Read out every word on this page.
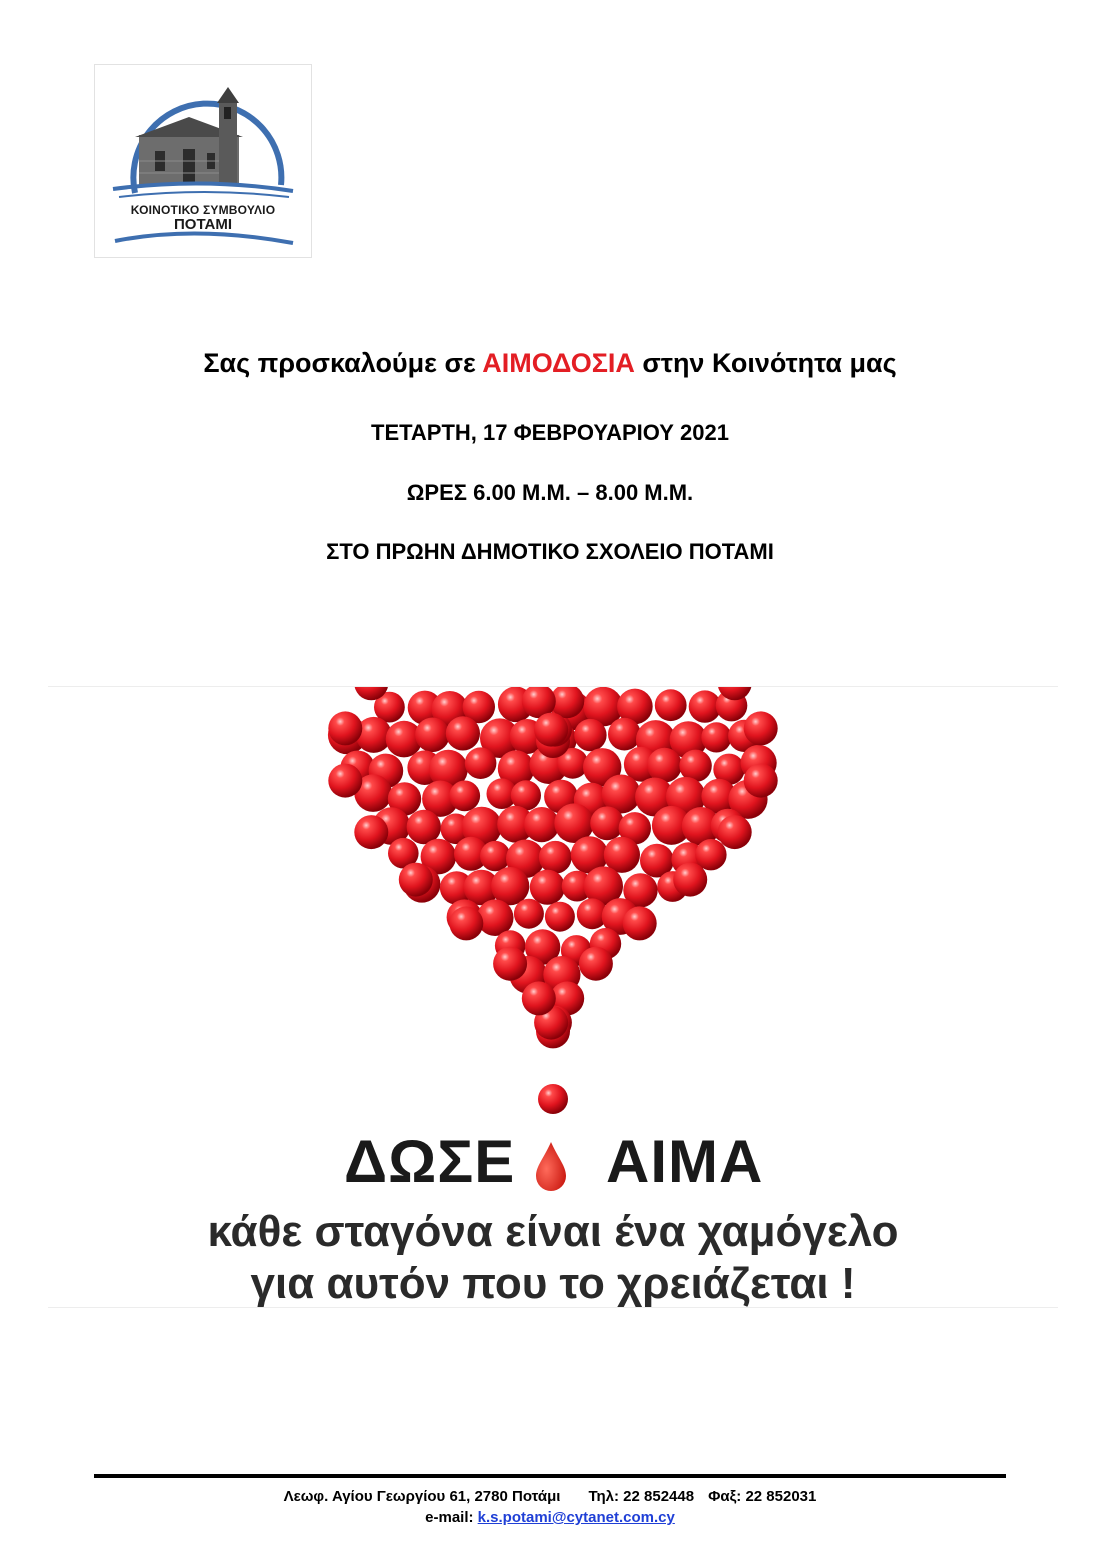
ΚΟΙΝΟΤΙΚΟ ΣΥΜΒΟΥΛΙΟ
ΠΟΤΑΜΙ
Σας προσκαλούμε σε ΑΙΜΟΔΟΣΙΑ στην Κοινότητα μας
ΤΕΤΑΡΤΗ, 17 ΦΕΒΡΟΥΑΡΙΟΥ 2021
ΩΡΕΣ 6.00 Μ.Μ. – 8.00 Μ.Μ.
ΣΤΟ ΠΡΩΗΝ ΔΗΜΟΤΙΚΟ ΣΧΟΛΕΙΟ ΠΟΤΑΜΙ
ΔΩΣΕ ΑΙΜΑ
κάθε σταγόνα είναι ένα χαμόγελο
για αυτόν που το χρειάζεται !
Λεωφ. Αγίου Γεωργίου 61, 2780 Ποτάμι Τηλ: 22 852448 Φαξ: 22 852031
e-mail: k.s.potami@cytanet.com.cy
